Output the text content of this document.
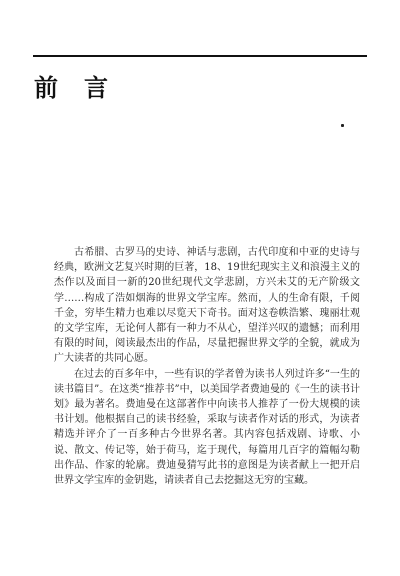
前言

古希腊、古罗马的史诗、神话与悲剧，古代印度和中亚的史诗与经典，欧洲文艺复兴时期的巨著，18、19世纪现实主义和浪漫主义的杰作以及面目一新的20世纪现代文学悲剧，方兴未艾的无产阶级文学……构成了浩如烟海的世界文学宝库。然而，人的生命有限，千阅千金，穷毕生精力也难以尽览天下奇书。面对这卷帙浩繁、瑰丽壮观的文学宝库，无论何人都有一种力不从心，望洋兴叹的遗憾；而利用有限的时间，阅读最杰出的作品，尽量把握世界文学的全貌，就成为广大读者的共同心愿。

在过去的百多年中，一些有识的学者曾为读书人列过许多“一生的读书篇目”。在这类“推荐书”中，以美国学者费迪曼的《一生的读书计划》最为著名。费迪曼在这部著作中向读书人推荐了一份大规模的读书计划。他根据自己的读书经验，采取与读者作对话的形式，为读者精选并评介了一百多种古今世界名著。其内容包括戏剧、诗歌、小说、散文、传记等，始于荷马，迄于现代，每篇用几百字的篇幅勾勒出作品、作家的轮廓。费迪曼猜写此书的意图是为读者献上一把开启世界文学宝库的金钥匙，请读者自己去挖掘这无穷的宝藏。
